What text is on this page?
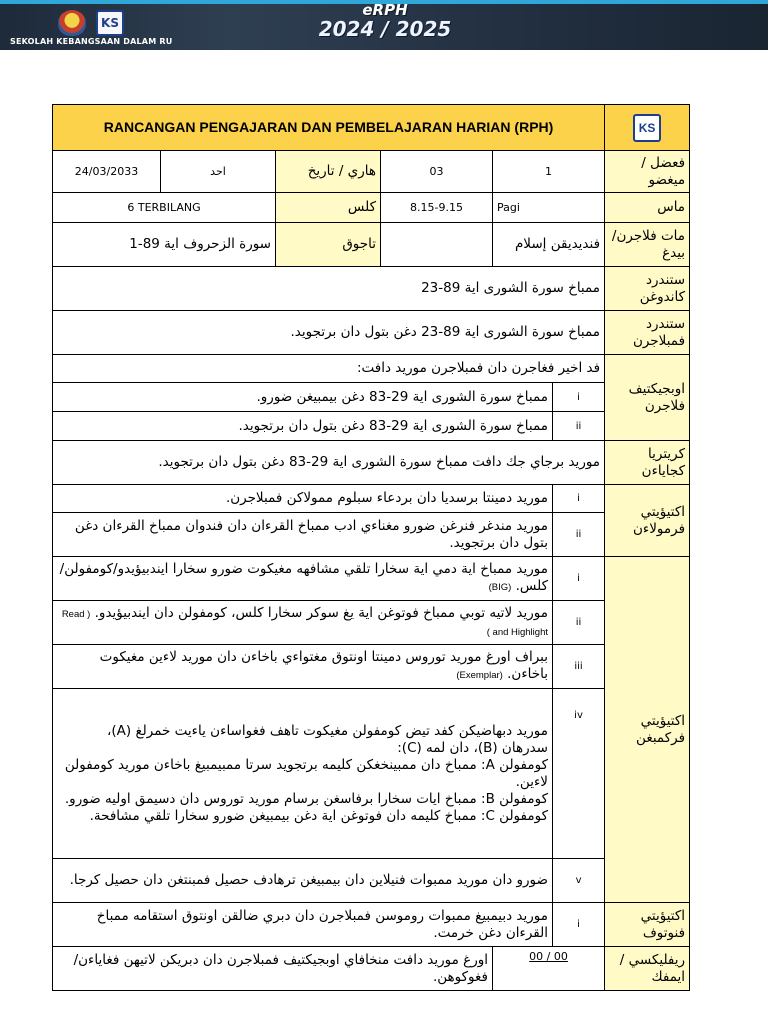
KS
SEKOLAH KEBANGSAAN DALAM RU
eRPH
2024 / 2025
RANCANGAN PENGAJARAN DAN PEMBELAJARAN HARIAN (RPH)						KS
24/03/2033	احد	هاري / تاريخ	03	1		فعضل / ميغضو
6 TERBILANG		كلس	8.15-9.15	Pagi		ماس
سورة الزحروف اية 89-1		تاجوق		فنديديقن إسلام		مات فلاجرن/ بيدغ
ممباخ سورة الشورى اية 89-23						ستندرد كاندوغن
ممباخ سورة الشورى اية 89-23 دغن بتول دان برتجويد.						ستندرد فمبلاجرن
فد اخير فغاجرن دان فمبلاجرن موريد دافت:						اوبجيكتيف فلاجرن
ممباخ سورة الشورى اية 29-83 دغن بيمبيغن ضورو.					i	
ممباخ سورة الشورى اية 29-83 دغن بتول دان برتجويد.					ii	
موريد برجاي جك دافت ممباخ سورة الشورى اية 29-83 دغن بتول دان برتجويد.						كريتريا كجاياءن
موريد دمينتا برسديا دان بردعاء سبلوم ممولاكن فمبلاجرن.					i	اكتيؤيتي فرمولاءن
موريد مندغر فنرغن ضورو مغناءي ادب ممباخ القرءان دان فندوان ممباخ القرءان دغن بتول دان برتجويد.					ii	
موريد ممباخ اية دمي اية سخارا تلقي مشافهه مغيكوت ضورو سخارا ايندبيؤيدو/كومفولن/كلس. (BIG)					i	اكتيؤيتي فركمبغن
موريد لاتيه توبي ممباخ فوتوغن اية يغ سوكر سخارا كلس، كومفولن دان ايندبيؤيدو. ( Read and Highlight )					ii	
ببراف اورغ موريد توروس دمينتا اونتوق مغتواءي باخاءن دان موريد لاءين مغيكوت باخاءن. (Exemplar)					iii	

موريد دبهاضيكن كفد تيض كومفولن مغيكوت تاهف فغواساءن ياءيت خمرلغ (A)، سدرهان (B)، دان لمه (C):
كومفولن A: ممباخ دان ممبينخغكن كليمه برتجويد سرتا ممبيمبيغ باخاءن موريد كومفولن لاءين.
كومفولن B: ممباخ ايات سخارا برفاسغن برسام موريد توروس دان دسيمق اوليه ضورو.
كومفولن C: ممباخ كليمه دان فوتوغن اية دغن بيمبيغن ضورو سخارا تلقي مشافحة.					iv	
ضورو دان موريد ممبوات فنيلاين دان بيمبيغن ترهادف حصيل فمبنتغن دان حصيل كرجا.					v	
موريد دبيمبيغ ممبوات روموسن فمبلاجرن دان دبري ضالقن اونتوق استقامه ممباخ القرءان دغن خرمت.					i	اكتيؤيتي فنوتوف
اورغ موريد دافت منخافاي اوبجيكتيف فمبلاجرن دان دبريكن لاتيهن فغاياءن/فغوكوهن.				00 / 00		ريفليكسي / ايمفك
